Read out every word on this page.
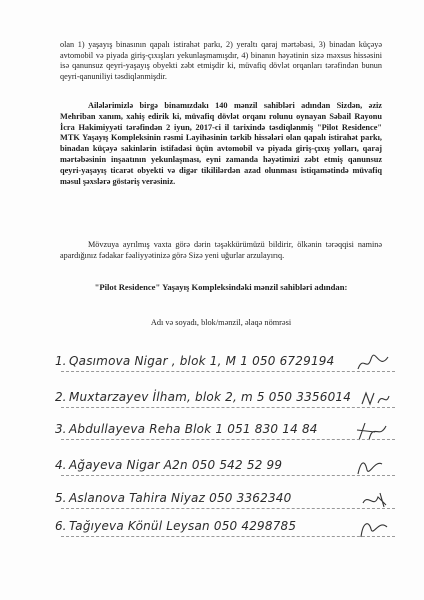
olan 1) yaşayış binasının qapalı istirahət parkı, 2) yeraltı qaraj mərtəbəsi, 3) binadan küçəyə avtomobil və piyada giriş-çıxışları yekunlaşmamışdır, 4) binanın həyətinin sizə məxsus hissəsini isə qanunsuz qeyri-yaşayış obyekti zəbt etmişdir ki, müvafiq dövlət orqanları tərəfindən bunun qeyri-qanuniliyi təsdiqlənmişdir.
Ailələrimizlə birgə binamızdakı 140 mənzil sahibləri adından Sizdən, əziz Mehriban xanım, xahiş edirik ki, müvafiq dövlət orqanı rolunu oynayan Səbail Rayonu İcra Hakimiyyəti tərəfindən 2 iyun, 2017-ci il tarixində təsdiqlənmiş "Pilot Residence" MTK Yaşayış Kompleksinin rəsmi Layihəsinin tərkib hissələri olan qapalı istirahət parkı, binadan küçəyə sakinlərin istifadəsi üçün avtomobil və piyada giriş-çıxış yolları, qaraj mərtəbəsinin inşaatının yekunlaşması, eyni zamanda həyətimizi zəbt etmiş qanunsuz qeyri-yaşayış ticarət obyekti və digər tikililərdən azad olunması istiqamətində müvafiq məsul şəxslərə göstəriş verəsiniz.
Mövzuya ayrılmış vaxta görə dərin təşəkkürümüzü bildirir, ölkənin tərəqqisi naminə apardığınız fədakar fəaliyyətinizə görə Sizə yeni uğurlar arzulayırıq.
"Pilot Residence" Yaşayış Kompleksindəki mənzil sahibləri adından:
Adı və soyadı, blok/mənzil, əlaqə nömrəsi
1. Qasımova Nigar , blok 1, M 1 050 6729194
2. Muxtarzayev İlham, blok 2, m 5 050 3356014
3. Abdullayeva Reha Blok 1 051 830 14 84
4. Ağayeva Nigar A2n 050 542 52 99
5. Aslanova Tahira Niyaz 050 3362340
6. Tağıyeva Könül Leysan 050 4298785
